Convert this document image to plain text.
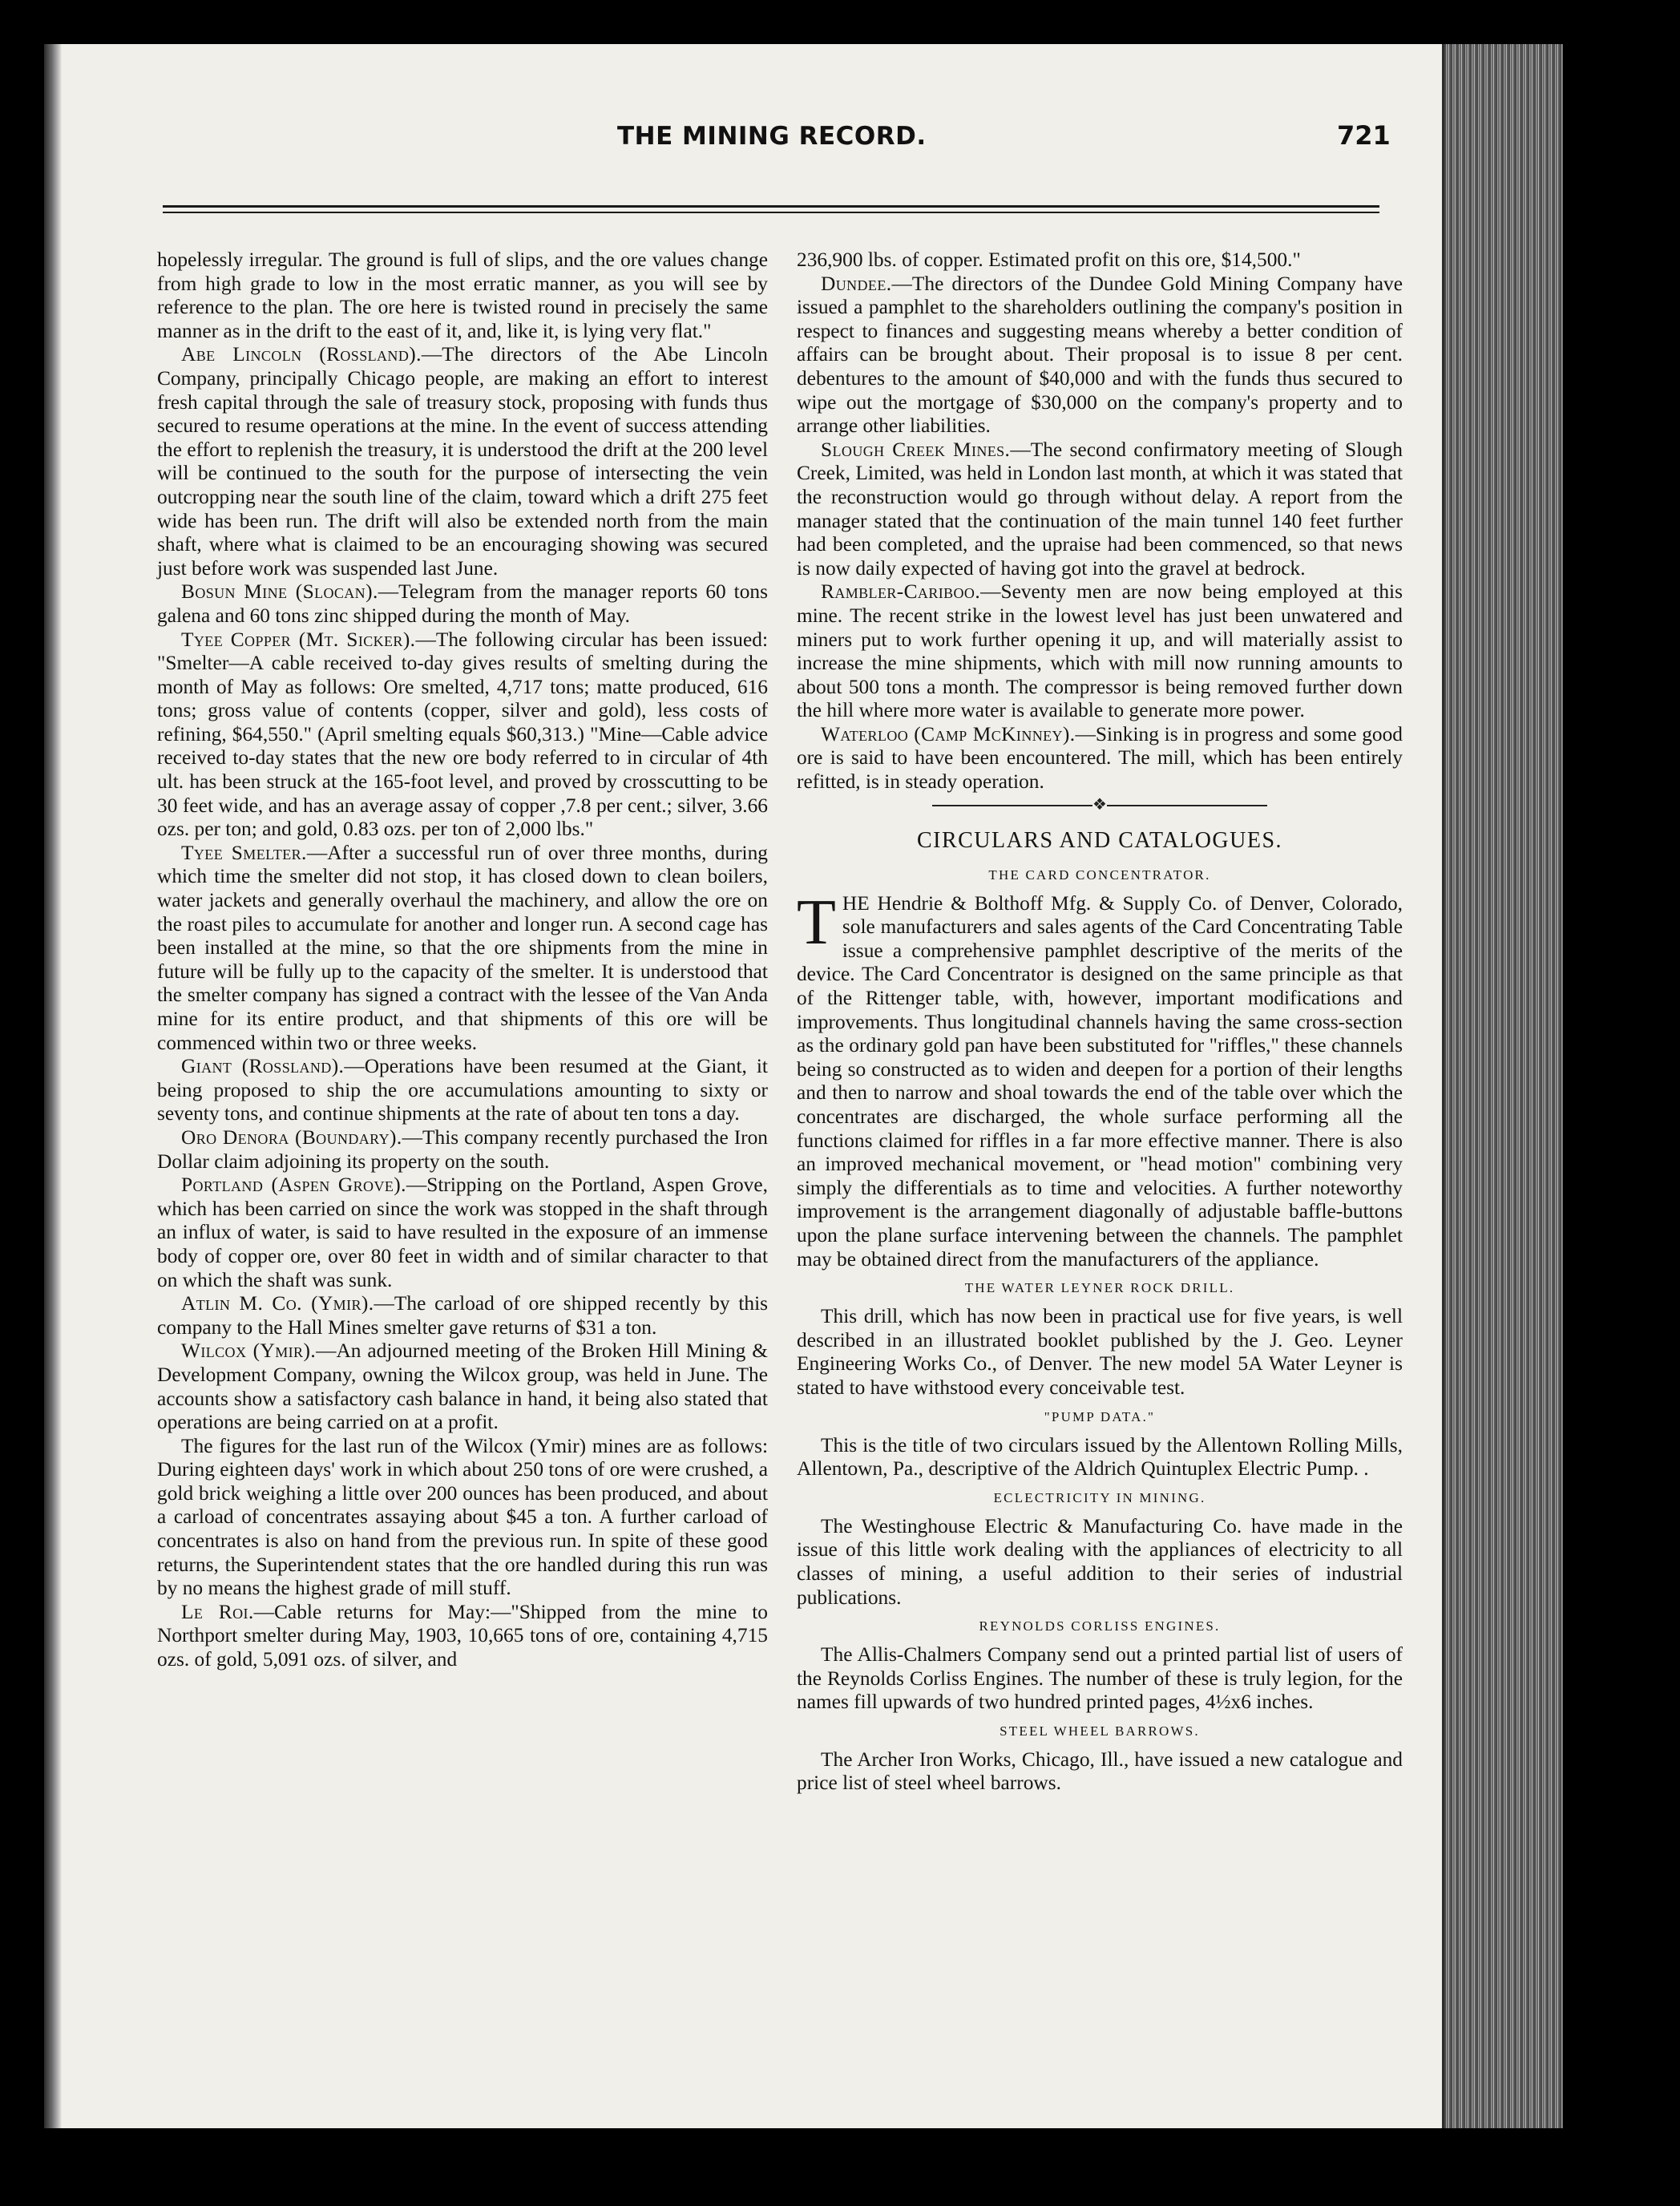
THE MINING RECORD.	721

hopelessly irregular. The ground is full of slips, and the ore values change from high grade to low in the most erratic manner, as you will see by reference to the plan. The ore here is twisted round in precisely the same manner as in the drift to the east of it, and, like it, is lying very flat."

Abe Lincoln (Rossland).—The directors of the Abe Lincoln Company, principally Chicago people, are making an effort to interest fresh capital through the sale of treasury stock, proposing with funds thus secured to resume operations at the mine. In the event of success attending the effort to replenish the treasury, it is understood the drift at the 200 level will be continued to the south for the purpose of intersecting the vein outcropping near the south line of the claim, toward which a drift 275 feet wide has been run. The drift will also be extended north from the main shaft, where what is claimed to be an encouraging showing was secured just before work was suspended last June.

Bosun Mine (Slocan).—Telegram from the manager reports 60 tons galena and 60 tons zinc shipped during the month of May.

Tyee Copper (Mt. Sicker).—The following circular has been issued: "Smelter—A cable received to-day gives results of smelting during the month of May as follows: Ore smelted, 4,717 tons; matte produced, 616 tons; gross value of contents (copper, silver and gold), less costs of refining, $64,550." (April smelting equals $60,313.) "Mine—Cable advice received to-day states that the new ore body referred to in circular of 4th ult. has been struck at the 165-foot level, and proved by crosscutting to be 30 feet wide, and has an average assay of copper ,7.8 per cent.; silver, 3.66 ozs. per ton; and gold, 0.83 ozs. per ton of 2,000 lbs."

Tyee Smelter.—After a successful run of over three months, during which time the smelter did not stop, it has closed down to clean boilers, water jackets and generally overhaul the machinery, and allow the ore on the roast piles to accumulate for another and longer run. A second cage has been installed at the mine, so that the ore shipments from the mine in future will be fully up to the capacity of the smelter. It is understood that the smelter company has signed a contract with the lessee of the Van Anda mine for its entire product, and that shipments of this ore will be commenced within two or three weeks.

Giant (Rossland).—Operations have been resumed at the Giant, it being proposed to ship the ore accumulations amounting to sixty or seventy tons, and continue shipments at the rate of about ten tons a day.

Oro Denora (Boundary).—This company recently purchased the Iron Dollar claim adjoining its property on the south.

Portland (Aspen Grove).—Stripping on the Portland, Aspen Grove, which has been carried on since the work was stopped in the shaft through an influx of water, is said to have resulted in the exposure of an immense body of copper ore, over 80 feet in width and of similar character to that on which the shaft was sunk.

Atlin M. Co. (Ymir).—The carload of ore shipped recently by this company to the Hall Mines smelter gave returns of $31 a ton.

Wilcox (Ymir).—An adjourned meeting of the Broken Hill Mining & Development Company, owning the Wilcox group, was held in June. The accounts show a satisfactory cash balance in hand, it being also stated that operations are being carried on at a profit.

The figures for the last run of the Wilcox (Ymir) mines are as follows: During eighteen days' work in which about 250 tons of ore were crushed, a gold brick weighing a little over 200 ounces has been produced, and about a carload of concentrates assaying about $45 a ton. A further carload of concentrates is also on hand from the previous run. In spite of these good returns, the Superintendent states that the ore handled during this run was by no means the highest grade of mill stuff.

Le Roi.—Cable returns for May:—"Shipped from the mine to Northport smelter during May, 1903, 10,665 tons of ore, containing 4,715 ozs. of gold, 5,091 ozs. of silver, and

236,900 lbs. of copper. Estimated profit on this ore, $14,500."

Dundee.—The directors of the Dundee Gold Mining Company have issued a pamphlet to the shareholders outlining the company's position in respect to finances and suggesting means whereby a better condition of affairs can be brought about. Their proposal is to issue 8 per cent. debentures to the amount of $40,000 and with the funds thus secured to wipe out the mortgage of $30,000 on the company's property and to arrange other liabilities.

Slough Creek Mines.—The second confirmatory meeting of Slough Creek, Limited, was held in London last month, at which it was stated that the reconstruction would go through without delay. A report from the manager stated that the continuation of the main tunnel 140 feet further had been completed, and the upraise had been commenced, so that news is now daily expected of having got into the gravel at bedrock.

Rambler-Cariboo.—Seventy men are now being employed at this mine. The recent strike in the lowest level has just been unwatered and miners put to work further opening it up, and will materially assist to increase the mine shipments, which with mill now running amounts to about 500 tons a month. The compressor is being removed further down the hill where more water is available to generate more power.

Waterloo (Camp McKinney).—Sinking is in progress and some good ore is said to have been encountered. The mill, which has been entirely refitted, is in steady operation.

❖
CIRCULARS AND CATALOGUES.
THE CARD CONCENTRATOR.

THE Hendrie & Bolthoff Mfg. & Supply Co. of Denver, Colorado, sole manufacturers and sales agents of the Card Concentrating Table issue a comprehensive pamphlet descriptive of the merits of the device. The Card Concentrator is designed on the same principle as that of the Rittenger table, with, however, important modifications and improvements. Thus longitudinal channels having the same cross-section as the ordinary gold pan have been substituted for "riffles," these channels being so constructed as to widen and deepen for a portion of their lengths and then to narrow and shoal towards the end of the table over which the concentrates are discharged, the whole surface performing all the functions claimed for riffles in a far more effective manner. There is also an improved mechanical movement, or "head motion" combining very simply the differentials as to time and velocities. A further noteworthy improvement is the arrangement diagonally of adjustable baffle-buttons upon the plane surface intervening between the channels. The pamphlet may be obtained direct from the manufacturers of the appliance.

THE WATER LEYNER ROCK DRILL.

This drill, which has now been in practical use for five years, is well described in an illustrated booklet published by the J. Geo. Leyner Engineering Works Co., of Denver. The new model 5A Water Leyner is stated to have withstood every conceivable test.

"PUMP DATA."

This is the title of two circulars issued by the Allentown Rolling Mills, Allentown, Pa., descriptive of the Aldrich Quintuplex Electric Pump. .

ECLECTRICITY IN MINING.

The Westinghouse Electric & Manufacturing Co. have made in the issue of this little work dealing with the appliances of electricity to all classes of mining, a useful addition to their series of industrial publications.

REYNOLDS CORLISS ENGINES.

The Allis-Chalmers Company send out a printed partial list of users of the Reynolds Corliss Engines. The number of these is truly legion, for the names fill upwards of two hundred printed pages, 4½x6 inches.

STEEL WHEEL BARROWS.

The Archer Iron Works, Chicago, Ill., have issued a new catalogue and price list of steel wheel barrows.
